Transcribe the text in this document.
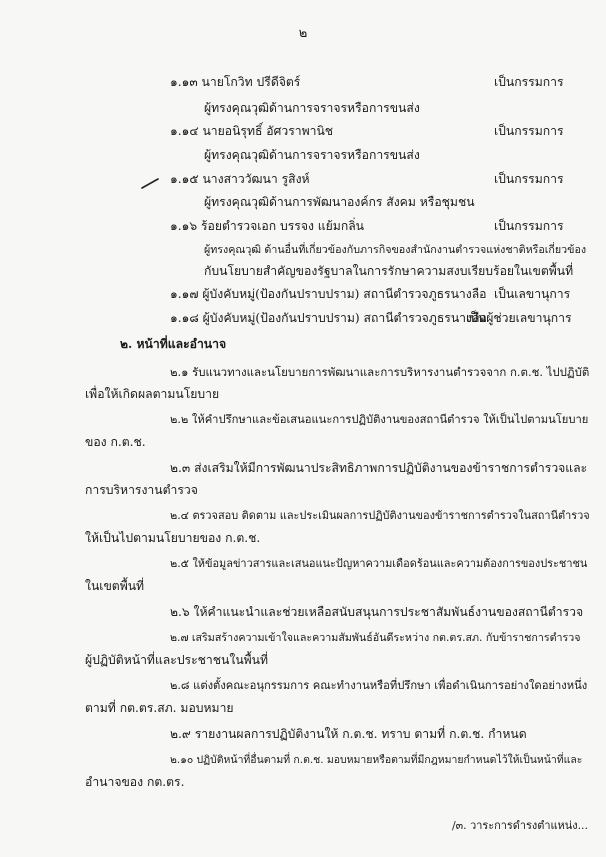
๒
๑.๑๓ นายโกวิท ปรีดีจิตร์	เป็นกรรมการ
ผู้ทรงคุณวุฒิด้านการจราจรหรือการขนส่ง
๑.๑๔ นายอนิรุทธิ์ อัศวราพานิช	เป็นกรรมการ
ผู้ทรงคุณวุฒิด้านการจราจรหรือการขนส่ง
๑.๑๕ นางสาววัฒนา รูสิงห์	เป็นกรรมการ
ผู้ทรงคุณวุฒิด้านการพัฒนาองค์กร สังคม หรือชุมชน
๑.๑๖ ร้อยตำรวจเอก บรรจง แย้มกลิ่น	เป็นกรรมการ
ผู้ทรงคุณวุฒิ ด้านอื่นที่เกี่ยวข้องกับภารกิจของสำนักงานตำรวจแห่งชาติหรือเกี่ยวข้อง
กับนโยบายสำคัญของรัฐบาลในการรักษาความสงบเรียบร้อยในเขตพื้นที่
๑.๑๗ ผู้บังคับหมู่(ป้องกันปราบปราม) สถานีตำรวจภูธรนางลือ เป็นเลขานุการ
๑.๑๘ ผู้บังคับหมู่(ป้องกันปราบปราม) สถานีตำรวจภูธรนางลือ
เป็นผู้ช่วยเลขานุการ
๒. หน้าที่และอำนาจ
๒.๑ รับแนวทางและนโยบายการพัฒนาและการบริหารงานตำรวจจาก ก.ต.ช. ไปปฏิบัติ
เพื่อให้เกิดผลตามนโยบาย
๒.๒ ให้คำปรึกษาและข้อเสนอแนะการปฏิบัติงานของสถานีตำรวจ ให้เป็นไปตามนโยบาย
ของ ก.ต.ช.
๒.๓ ส่งเสริมให้มีการพัฒนาประสิทธิภาพการปฏิบัติงานของข้าราชการตำรวจและ
การบริหารงานตำรวจ
๒.๔ ตรวจสอบ ติดตาม และประเมินผลการปฏิบัติงานของข้าราชการตำรวจในสถานีตำรวจ
ให้เป็นไปตามนโยบายของ ก.ต.ช.
๒.๕ ให้ข้อมูลข่าวสารและเสนอแนะปัญหาความเดือดร้อนและความต้องการของประชาชน
ในเขตพื้นที่
๒.๖ ให้คำแนะนำและช่วยเหลือสนับสนุนการประชาสัมพันธ์งานของสถานีตำรวจ
๒.๗ เสริมสร้างความเข้าใจและความสัมพันธ์อันดีระหว่าง กต.ตร.สภ. กับข้าราชการตำรวจ
ผู้ปฏิบัติหน้าที่และประชาชนในพื้นที่
๒.๘ แต่งตั้งคณะอนุกรรมการ คณะทำงานหรือที่ปรึกษา เพื่อดำเนินการอย่างใดอย่างหนึ่ง
ตามที่ กต.ตร.สภ. มอบหมาย
๒.๙ รายงานผลการปฏิบัติงานให้ ก.ต.ช. ทราบ ตามที่ ก.ต.ช. กำหนด
๒.๑๐ ปฏิบัติหน้าที่อื่นตามที่ ก.ต.ช. มอบหมายหรือตามที่มีกฎหมายกำหนดไว้ให้เป็นหน้าที่และ
อำนาจของ กต.ตร.
/๓. วาระการดำรงตำแหน่ง...
